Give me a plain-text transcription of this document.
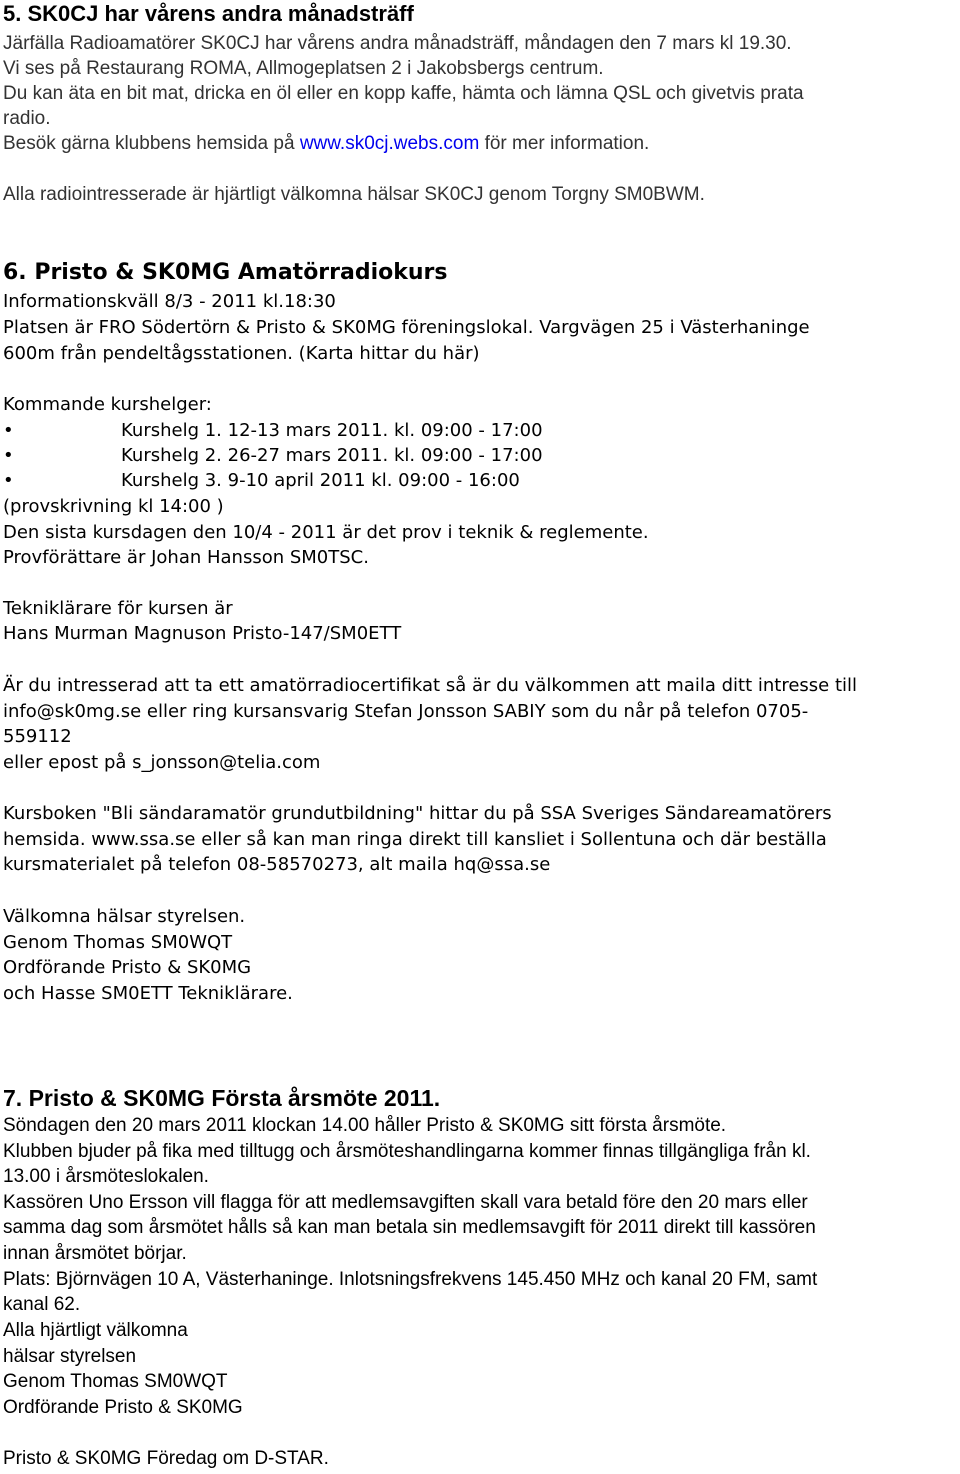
5. SK0CJ har vårens andra månadsträff
Järfälla Radioamatörer SK0CJ har vårens andra månadsträff, måndagen den 7 mars kl 19.30.
Vi ses på Restaurang ROMA, Allmogeplatsen 2 i Jakobsbergs centrum.
Du kan äta en bit mat, dricka en öl eller en kopp kaffe, hämta och lämna QSL och givetvis prata
radio.
Besök gärna klubbens hemsida på www.sk0cj.webs.com för mer information.
Alla radiointresserade är hjärtligt välkomna hälsar SK0CJ genom Torgny SM0BWM.
6. Pristo & SK0MG Amatörradiokurs
Informationskväll 8/3 - 2011 kl.18:30
Platsen är FRO Södertörn & Pristo & SK0MG föreningslokal. Vargvägen 25 i Västerhaninge
600m från pendeltågsstationen. (Karta hittar du här)
Kommande kurshelger:
•	Kurshelg 1. 12-13 mars 2011. kl. 09:00 - 17:00
•	Kurshelg 2. 26-27 mars 2011. kl. 09:00 - 17:00
•	Kurshelg 3. 9-10 april 2011 kl. 09:00 - 16:00
(provskrivning kl 14:00 )
Den sista kursdagen den 10/4 - 2011 är det prov i teknik & reglemente.
Provförättare är Johan Hansson SM0TSC.
Tekniklärare för kursen är
Hans Murman Magnuson Pristo-147/SM0ETT
Är du intresserad att ta ett amatörradiocertifikat så är du välkommen att maila ditt intresse till
info@sk0mg.se eller ring kursansvarig Stefan Jonsson SABIY som du når på telefon 0705-
559112
eller epost på s_jonsson@telia.com
Kursboken "Bli sändaramatör grundutbildning" hittar du på SSA Sveriges Sändareamatörers
hemsida. www.ssa.se eller så kan man ringa direkt till kansliet i Sollentuna och där beställa
kursmaterialet på telefon 08-58570273, alt maila hq@ssa.se
Välkomna hälsar styrelsen.
Genom Thomas SM0WQT
Ordförande Pristo & SK0MG
och Hasse SM0ETT Tekniklärare.
7. Pristo & SK0MG Första årsmöte 2011.
Söndagen den 20 mars 2011 klockan 14.00 håller Pristo & SK0MG sitt första årsmöte.
Klubben bjuder på fika med tilltugg och årsmöteshandlingarna kommer finnas tillgängliga från kl.
13.00 i årsmöteslokalen.
Kassören Uno Ersson vill flagga för att medlemsavgiften skall vara betald före den 20 mars eller
samma dag som årsmötet hålls så kan man betala sin medlemsavgift för 2011 direkt till kassören
innan årsmötet börjar.
Plats: Björnvägen 10 A, Västerhaninge. Inlotsningsfrekvens 145.450 MHz och kanal 20 FM, samt
kanal 62.
Alla hjärtligt välkomna
hälsar styrelsen
Genom Thomas SM0WQT
Ordförande Pristo & SK0MG
Pristo & SK0MG Föredag om D-STAR.
